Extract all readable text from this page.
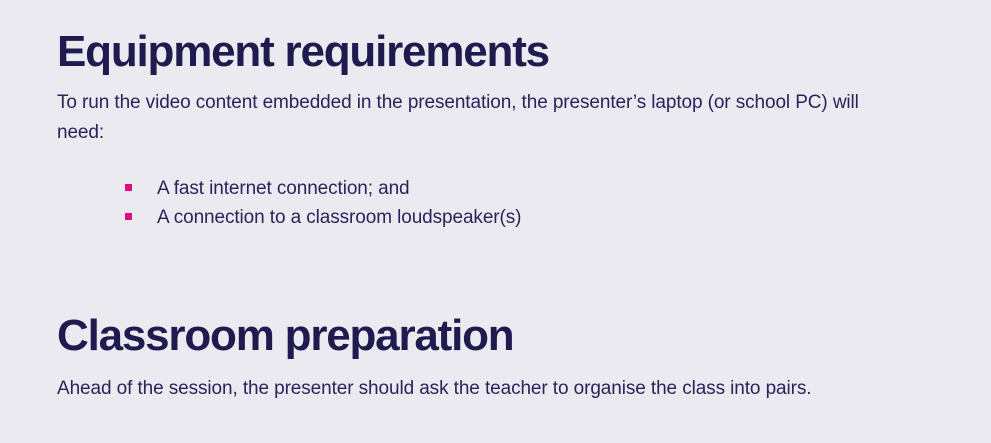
Equipment requirements

To run the video content embedded in the presentation, the presenter’s laptop (or school PC) will
need:

A fast internet connection; and
A connection to a classroom loudspeaker(s)
Classroom preparation

Ahead of the session, the presenter should ask the teacher to organise the class into pairs.
